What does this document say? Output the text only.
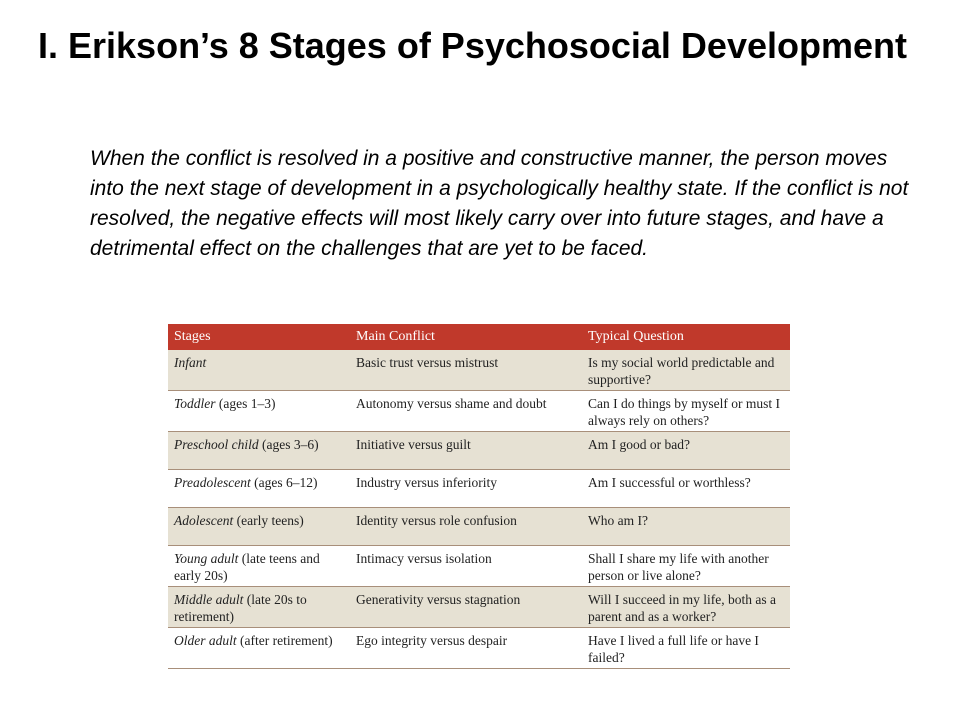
I. Erikson’s 8 Stages of Psychosocial Development

When the conflict is resolved in a positive and constructive manner, the person moves into the next stage of development in a psychologically healthy state. If the conflict is not resolved, the negative effects will most likely carry over into future stages, and have a detrimental effect on the challenges that are yet to be faced.

Stages	Main Conflict	Typical Question
Infant	Basic trust versus mistrust	Is my social world predictable and supportive?
Toddler (ages 1–3)	Autonomy versus shame and doubt	Can I do things by myself or must I always rely on others?
Preschool child (ages 3–6)	Initiative versus guilt	Am I good or bad?
Preadolescent (ages 6–12)	Industry versus inferiority	Am I successful or worthless?
Adolescent (early teens)	Identity versus role confusion	Who am I?
Young adult (late teens and early 20s)	Intimacy versus isolation	Shall I share my life with another person or live alone?
Middle adult (late 20s to retirement)	Generativity versus stagnation	Will I succeed in my life, both as a parent and as a worker?
Older adult (after retirement)	Ego integrity versus despair	Have I lived a full life or have I failed?
